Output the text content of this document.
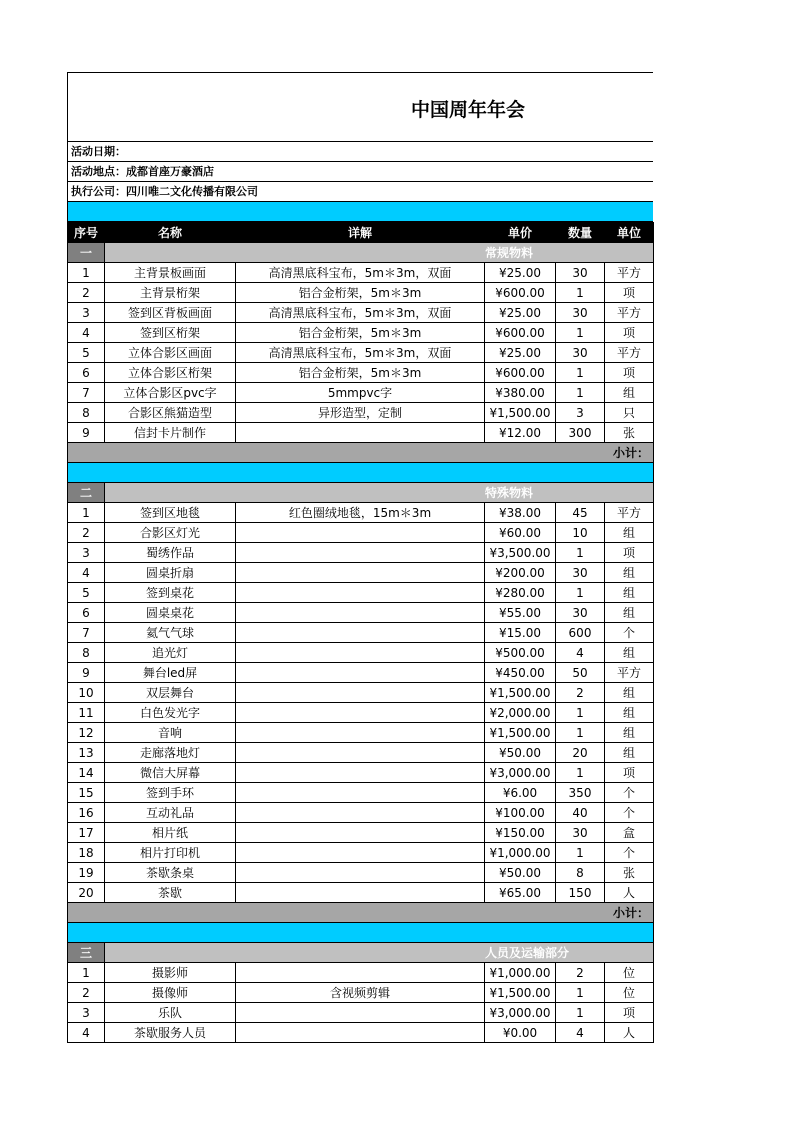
中国周年年会
活动日期：
活动地点：成都首座万豪酒店
执行公司：四川唯二文化传播有限公司
序号	名称	详解	单价	数量	单位
一	常规物料				
1	主背景板画面	高清黑底科宝布，5m＊3m，双面	¥25.00	30	平方
2	主背景桁架	铝合金桁架，5m＊3m	¥600.00	1	项
3	签到区背板画面	高清黑底科宝布，5m＊3m，双面	¥25.00	30	平方
4	签到区桁架	铝合金桁架，5m＊3m	¥600.00	1	项
5	立体合影区画面	高清黑底科宝布，5m＊3m，双面	¥25.00	30	平方
6	立体合影区桁架	铝合金桁架，5m＊3m	¥600.00	1	项
7	立体合影区pvc字	5mmpvc字	¥380.00	1	组
8	合影区熊猫造型	异形造型，定制	¥1,500.00	3	只
9	信封卡片制作		¥12.00	300	张
小计：					

二	特殊物料				
1	签到区地毯	红色圈绒地毯，15m＊3m	¥38.00	45	平方
2	合影区灯光		¥60.00	10	组
3	蜀绣作品		¥3,500.00	1	项
4	圆桌折扇		¥200.00	30	组
5	签到桌花		¥280.00	1	组
6	圆桌桌花		¥55.00	30	组
7	氦气气球		¥15.00	600	个
8	追光灯		¥500.00	4	组
9	舞台led屏		¥450.00	50	平方
10	双层舞台		¥1,500.00	2	组
11	白色发光字		¥2,000.00	1	组
12	音响		¥1,500.00	1	组
13	走廊落地灯		¥50.00	20	组
14	微信大屏幕		¥3,000.00	1	项
15	签到手环		¥6.00	350	个
16	互动礼品		¥100.00	40	个
17	相片纸		¥150.00	30	盒
18	相片打印机		¥1,000.00	1	个
19	茶歇条桌		¥50.00	8	张
20	茶歇		¥65.00	150	人
小计：					

三	人员及运输部分				
1	摄影师		¥1,000.00	2	位
2	摄像师	含视频剪辑	¥1,500.00	1	位
3	乐队		¥3,000.00	1	项
4	茶歇服务人员		¥0.00	4	人
